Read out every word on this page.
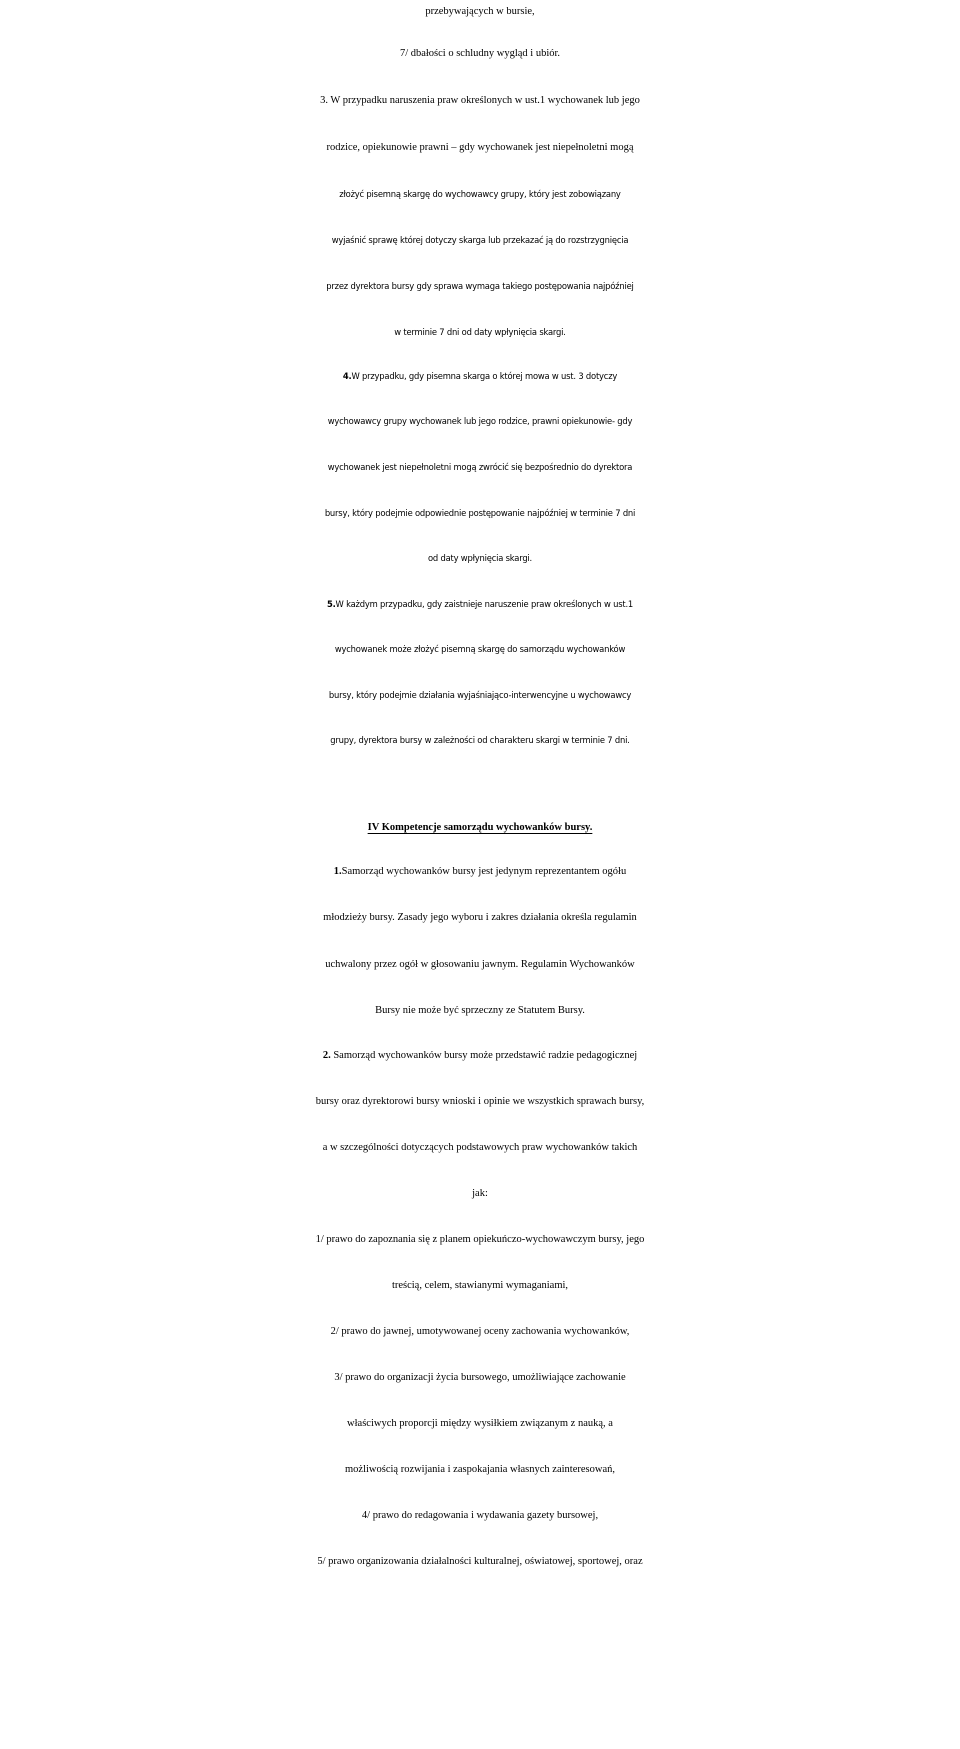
przebywających w bursie,
7/ dbałości o schludny wygląd i ubiór.
3. W przypadku naruszenia praw określonych w ust.1 wychowanek lub jego
rodzice, opiekunowie prawni – gdy wychowanek jest niepełnoletni mogą
złożyć pisemną skargę do wychowawcy grupy, który jest zobowiązany
wyjaśnić sprawę której dotyczy skarga lub przekazać ją do rozstrzygnięcia
przez dyrektora bursy gdy sprawa wymaga takiego postępowania najpóźniej
w terminie 7 dni od daty wpłynięcia skargi.
4.W przypadku, gdy pisemna skarga o której mowa w ust. 3 dotyczy
wychowawcy grupy wychowanek lub jego rodzice, prawni opiekunowie- gdy
wychowanek jest niepełnoletni mogą zwrócić się bezpośrednio do dyrektora
bursy, który podejmie odpowiednie postępowanie najpóźniej w terminie 7 dni
od daty wpłynięcia skargi.
5.W każdym przypadku, gdy zaistnieje naruszenie praw określonych w ust.1
wychowanek może złożyć pisemną skargę do samorządu wychowanków
bursy, który podejmie działania wyjaśniająco-interwencyjne u wychowawcy
grupy, dyrektora bursy w zależności od charakteru skargi w terminie 7 dni.
IV Kompetencje samorządu wychowanków bursy.
1.Samorząd wychowanków bursy jest jedynym reprezentantem ogółu
młodzieży bursy. Zasady jego wyboru i zakres działania określa regulamin
uchwalony przez ogół w głosowaniu jawnym. Regulamin Wychowanków
Bursy nie może być sprzeczny ze Statutem Bursy.
2. Samorząd wychowanków bursy może przedstawić radzie pedagogicznej
bursy oraz dyrektorowi bursy wnioski i opinie we wszystkich sprawach bursy,
a w szczególności dotyczących podstawowych praw wychowanków takich
jak:
1/ prawo do zapoznania się z planem opiekuńczo-wychowawczym bursy, jego
treścią, celem, stawianymi wymaganiami,
2/ prawo do jawnej, umotywowanej oceny zachowania wychowanków,
3/ prawo do organizacji życia bursowego, umożliwiające zachowanie
właściwych proporcji między wysiłkiem związanym z nauką, a
możliwością rozwijania i zaspokajania własnych zainteresowań,
4/ prawo do redagowania i wydawania gazety bursowej,
5/ prawo organizowania działalności kulturalnej, oświatowej, sportowej, oraz
